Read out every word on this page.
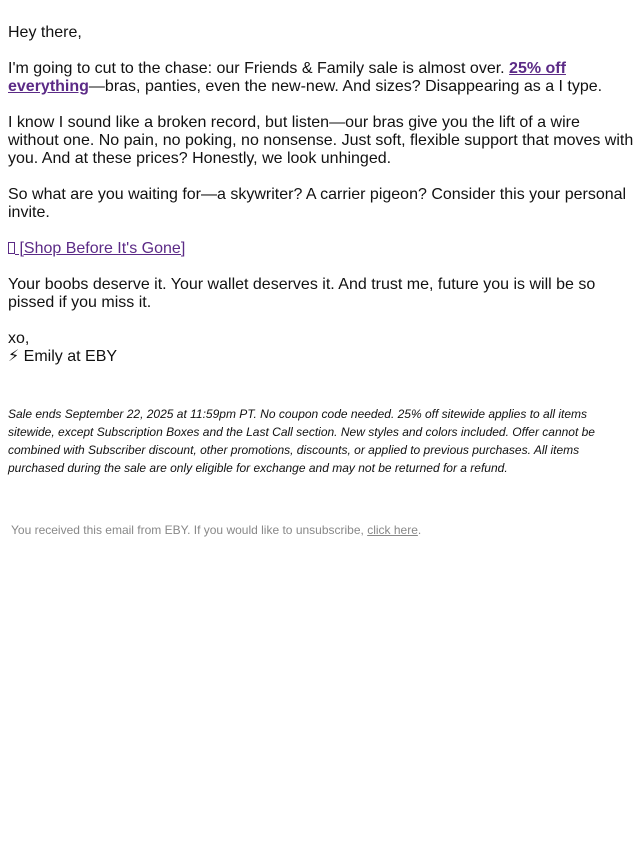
Hey there,

I'm going to cut to the chase: our Friends & Family sale is almost over. 25% off everything—bras, panties, even the new-new. And sizes? Disappearing as a I type.

I know I sound like a broken record, but listen—our bras give you the lift of a wire without one. No pain, no poking, no nonsense. Just soft, flexible support that moves with you. And at these prices? Honestly, we look unhinged.

So what are you waiting for—a skywriter? A carrier pigeon? Consider this your personal invite.

[Shop Before It's Gone]

Your boobs deserve it. Your wallet deserves it. And trust me, future you is will be so pissed if you miss it.

xo,
⚡ Emily at EBY

Sale ends September 22, 2025 at 11:59pm PT. No coupon code needed. 25% off sitewide applies to all items sitewide, except Subscription Boxes and the Last Call section. New styles and colors included. Offer cannot be combined with Subscriber discount, other promotions, discounts, or applied to previous purchases. All items purchased during the sale are only eligible for exchange and may not be returned for a refund.
You received this email from EBY. If you would like to unsubscribe, click here.
